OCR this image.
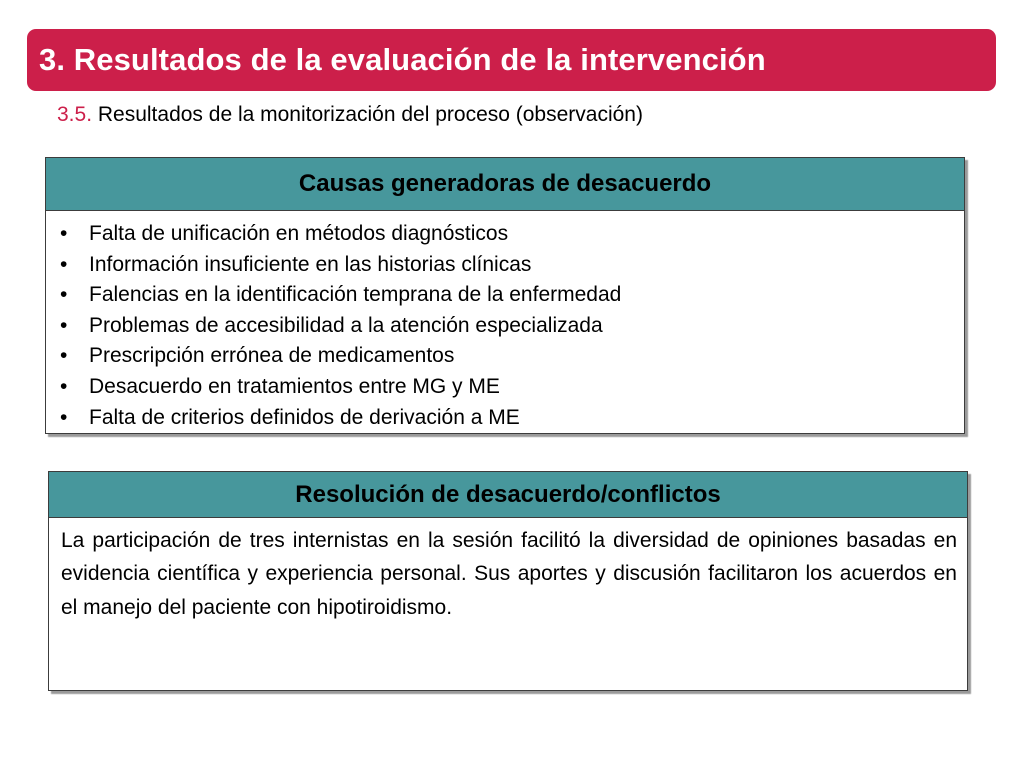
3. Resultados de la evaluación de la intervención
3.5. Resultados de la monitorización del proceso (observación)
Causas generadoras de desacuerdo
•	Falta de unificación en métodos diagnósticos
•	Información insuficiente en las historias clínicas
•	Falencias en la identificación temprana de la enfermedad
•	Problemas de accesibilidad a la atención especializada
•	Prescripción errónea de medicamentos
•	Desacuerdo en tratamientos entre MG y ME
•	Falta de criterios definidos de derivación a ME
Resolución de desacuerdo/conflictos

La participación de tres internistas en la sesión facilitó la diversidad de opiniones basadas en evidencia científica y experiencia personal. Sus aportes y discusión facilitaron los acuerdos en el manejo del paciente con hipotiroidismo.
